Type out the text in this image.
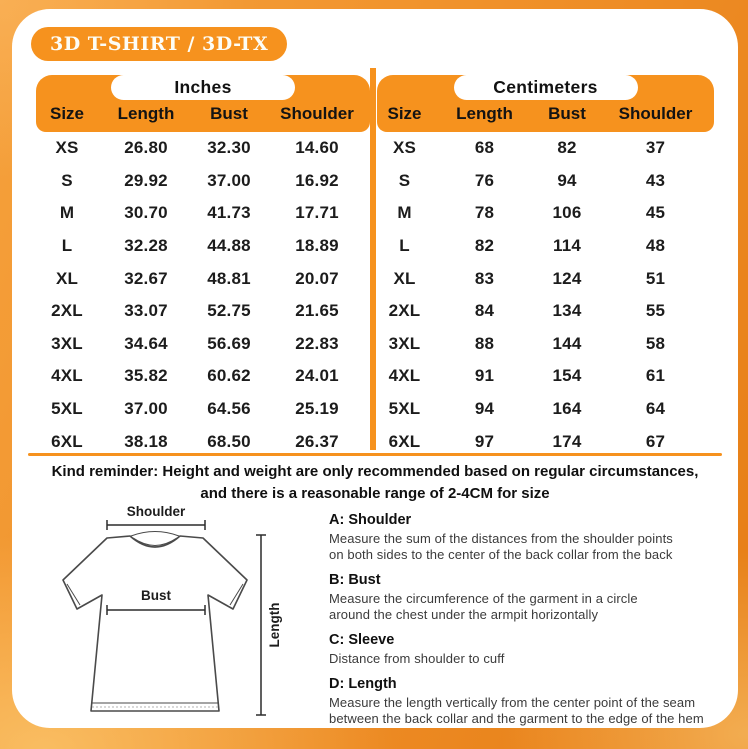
3D T-SHIRT / 3D-TX
Inches
Size	Length	Bust	Shoulder
XS	26.80	32.30	14.60
S	29.92	37.00	16.92
M	30.70	41.73	17.71
L	32.28	44.88	18.89
XL	32.67	48.81	20.07
2XL	33.07	52.75	21.65
3XL	34.64	56.69	22.83
4XL	35.82	60.62	24.01
5XL	37.00	64.56	25.19
6XL	38.18	68.50	26.37
Centimeters
Size	Length	Bust	Shoulder
XS	68	82	37
S	76	94	43
M	78	106	45
L	82	114	48
XL	83	124	51
2XL	84	134	55
3XL	88	144	58
4XL	91	154	61
5XL	94	164	64
6XL	97	174	67
Kind reminder: Height and weight are only recommended based on regular circumstances,
and there is a reasonable range of 2-4CM for size
Shoulder
Bust
Length
A: Shoulder
Measure the sum of the distances from the shoulder points
on both sides to the center of the back collar from the back
B: Bust
Measure the circumference of the garment in a circle
around the chest under the armpit horizontally
C: Sleeve
Distance from shoulder to cuff
D: Length
Measure the length vertically from the center point of the seam
between the back collar and the garment to the edge of the hem
